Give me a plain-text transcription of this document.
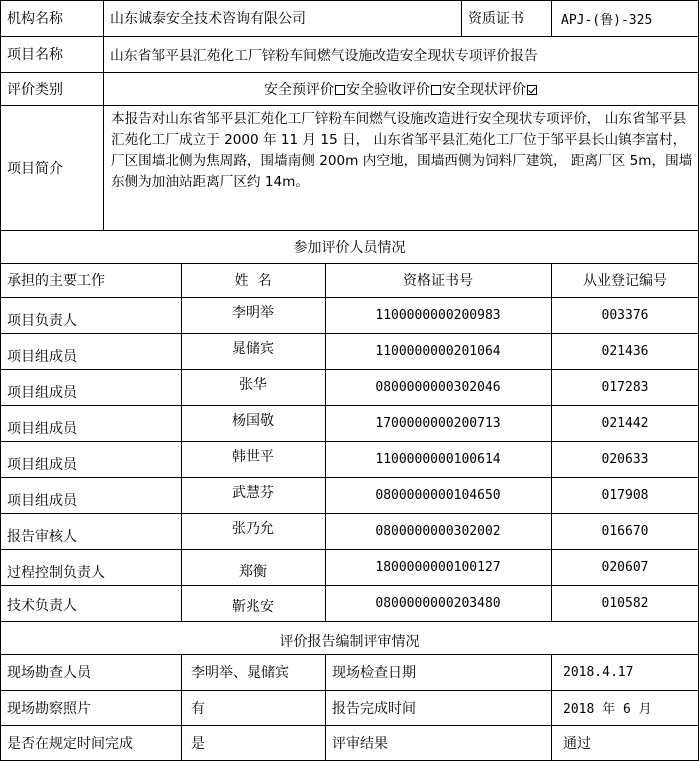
机构名称	山东诚泰安全技术咨询有限公司	资质证书	APJ-(鲁)-325
项目名称	山东省邹平县汇苑化工厂锌粉车间燃气设施改造安全现状专项评价报告
评价类别	安全预评价 安全验收评价 安全现状评价
项目简介
本报告对山东省邹平县汇苑化工厂锌粉车间燃气设施改造进行安全现状专项评价， 山东省邹平县汇苑化工厂成立于 2000 年 11 月 15 日， 山东省邹平县汇苑化工厂位于邹平县长山镇李富村，厂区围墙北侧为焦周路，围墙南侧 200m 内空地，围墙西侧为饲料厂建筑， 距离厂区 5m，围墙东侧为加油站距离厂区约 14m。
参加评价人员情况
承担的主要工作	姓  名	资格证书号	从业登记编号
项目负责人	李明举	1100000000200983	003376
项目组成员	晁储宾	1100000000201064	021436
项目组成员	张华	0800000000302046	017283
项目组成员	杨国敬	1700000000200713	021442
项目组成员	韩世平	1100000000100614	020633
项目组成员	武慧芬	0800000000104650	017908
报告审核人	张乃允	0800000000302002	016670
过程控制负责人	郑衡	1800000000100127	020607
技术负责人	靳兆安	0800000000203480	010582
评价报告编制评审情况
现场勘查人员	李明举、晁储宾	现场检查日期	2018.4.17
现场勘察照片	有	报告完成时间	2018 年 6 月
是否在规定时间完成	是	评审结果	通过
